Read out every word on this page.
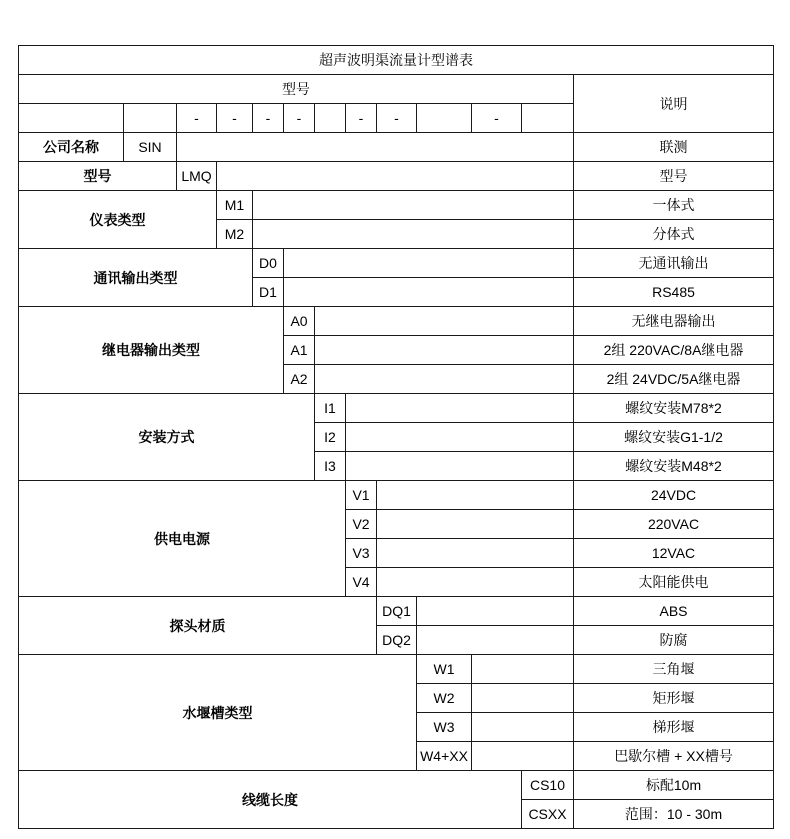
超声波明渠流量计型谱表												
型号												说明
		-	-	-	-		-	-		-		
公司名称	SIN											联测
型号		LMQ										型号
仪表类型			M1									一体式
			M2									分体式
通讯输出类型				D0								无通讯输出
				D1								RS485
继电器输出类型					A0							无继电器输出
					A1							2组 220VAC/8A继电器
					A2							2组 24VDC/5A继电器
安装方式						I1						螺纹安装M78*2
						I2						螺纹安装G1-1/2
						I3						螺纹安装M48*2
供电电源							V1					24VDC
							V2					220VAC
							V3					12VAC
							V4					太阳能供电
探头材质								DQ1				ABS
								DQ2				防腐
水堰槽类型									W1			三角堰
									W2			矩形堰
									W3			梯形堰
									W4+XX			巴歇尔槽 + XX槽号
线缆长度											CS10	标配10m
											CSXX	范围：10 - 30m
